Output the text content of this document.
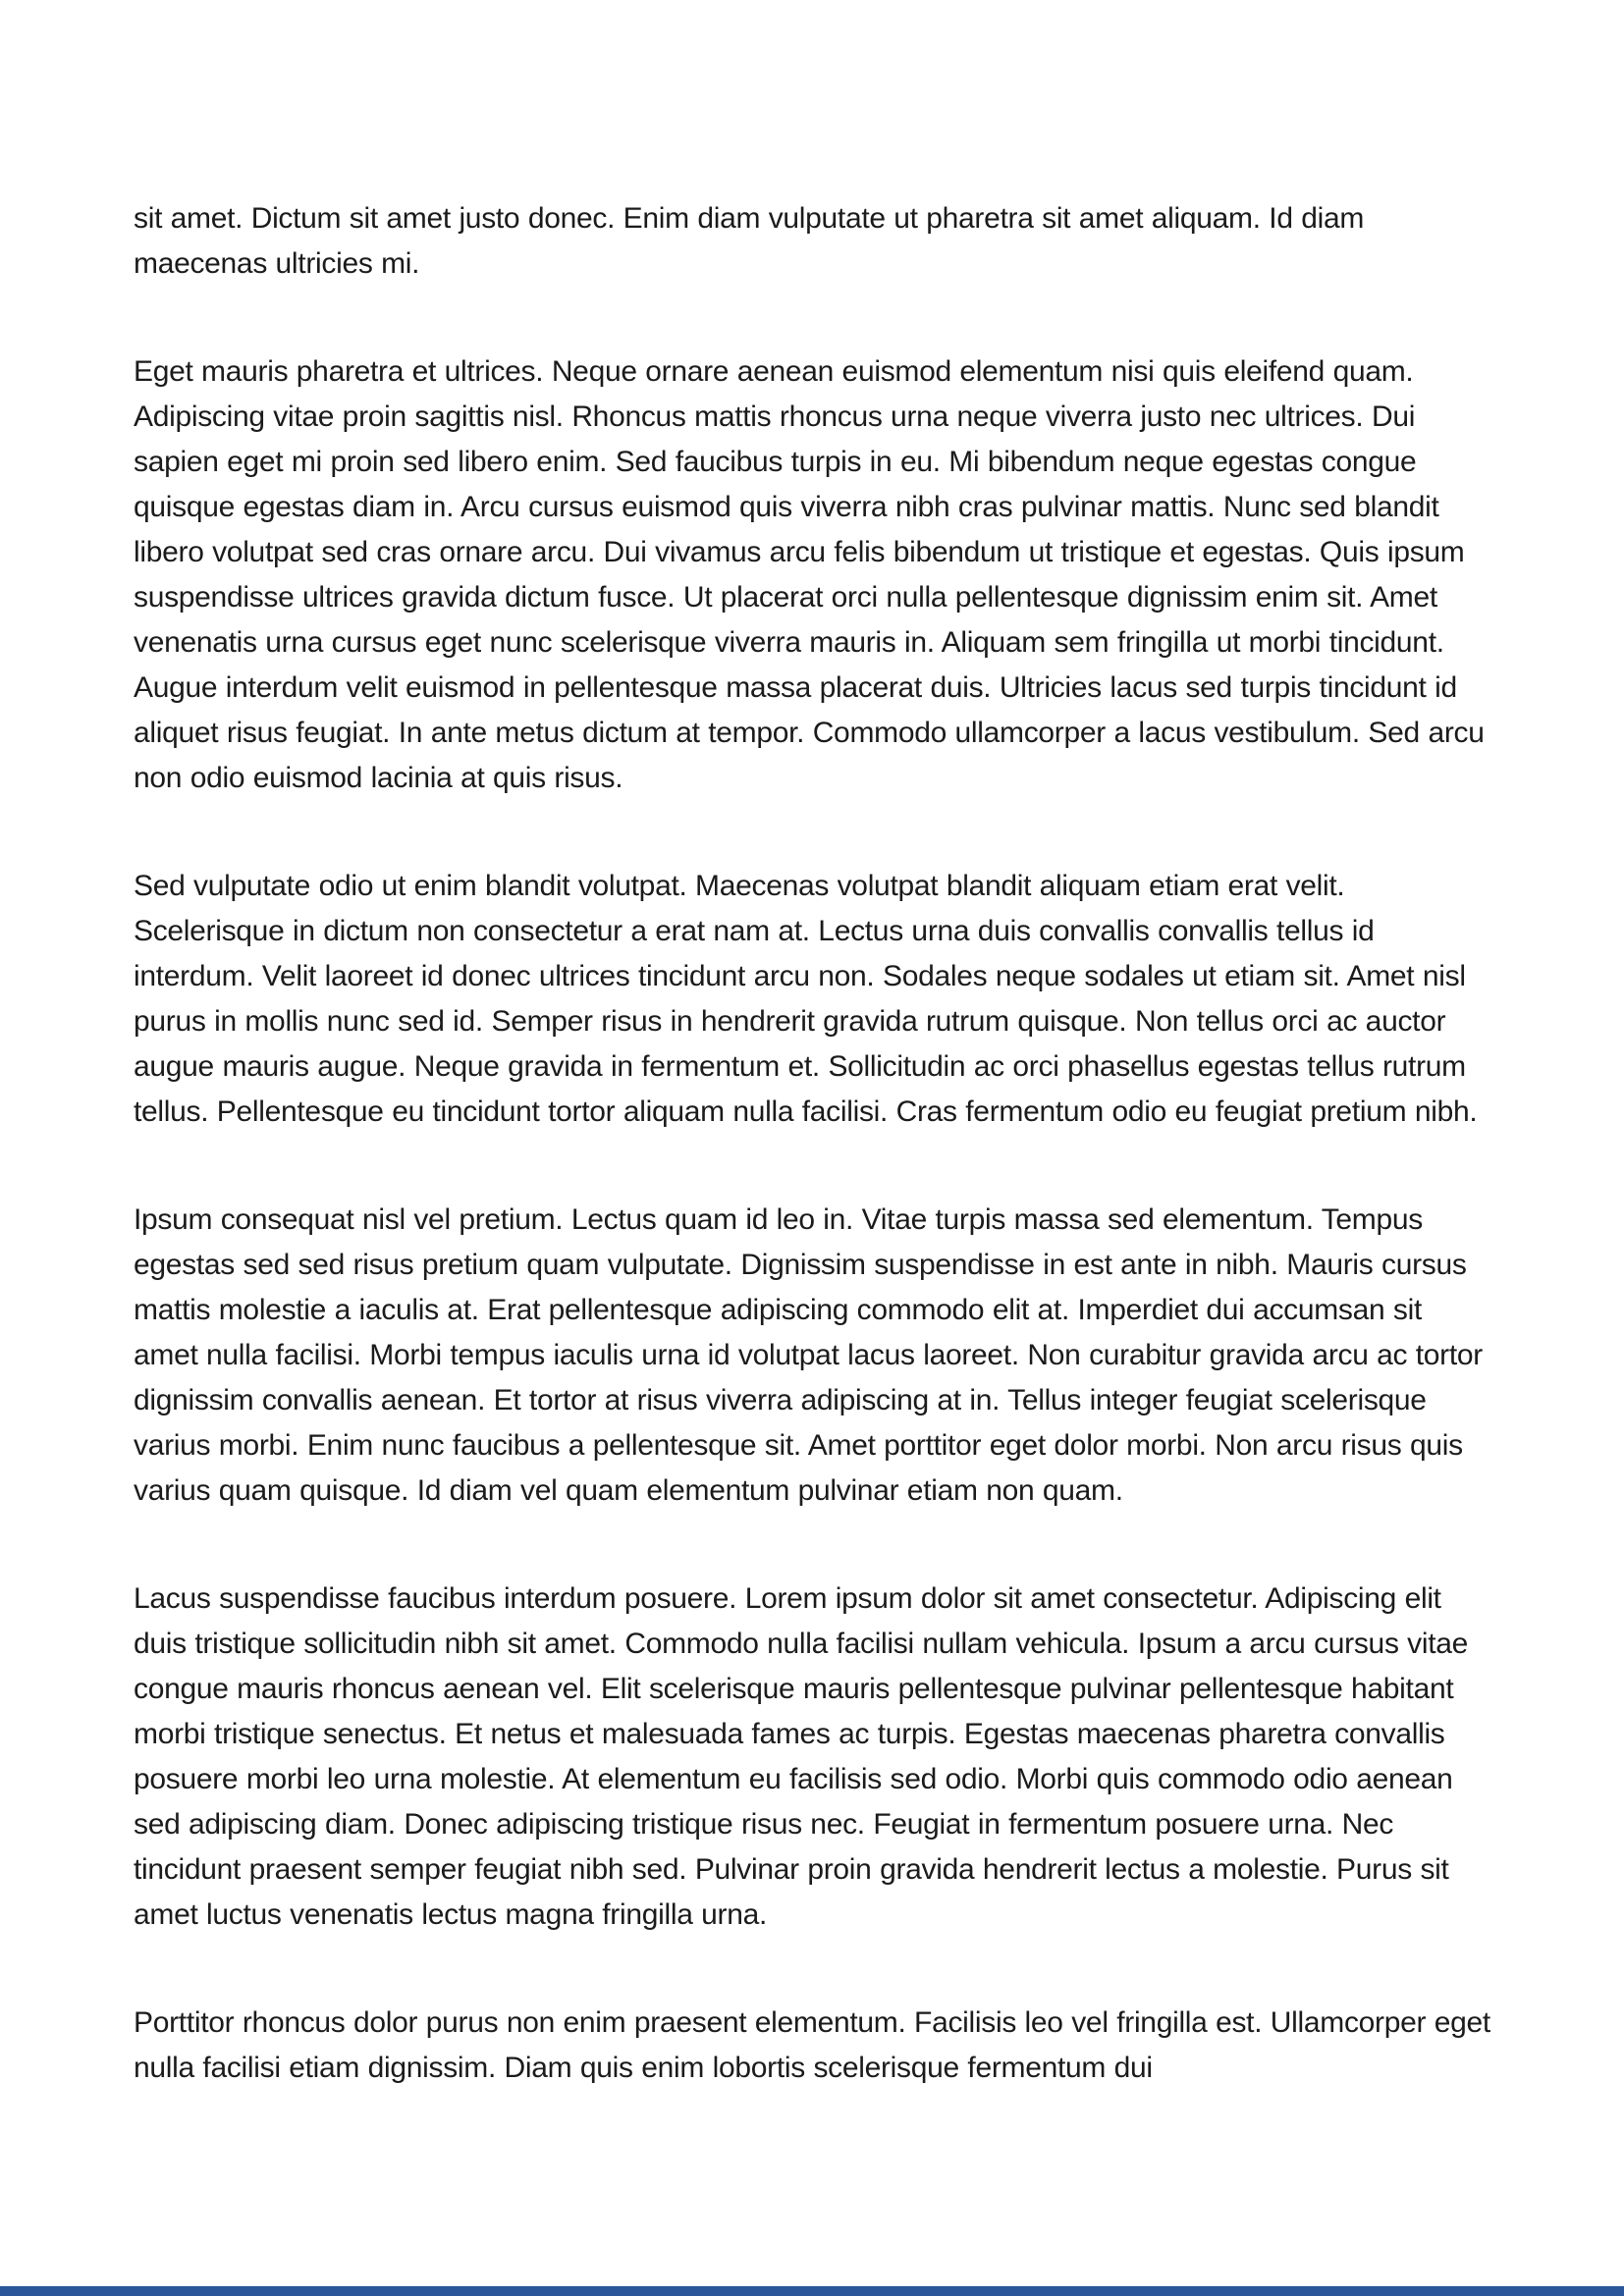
sit amet. Dictum sit amet justo donec. Enim diam vulputate ut pharetra sit amet aliquam. Id diam maecenas ultricies mi.

Eget mauris pharetra et ultrices. Neque ornare aenean euismod elementum nisi quis eleifend quam. Adipiscing vitae proin sagittis nisl. Rhoncus mattis rhoncus urna neque viverra justo nec ultrices. Dui sapien eget mi proin sed libero enim. Sed faucibus turpis in eu. Mi bibendum neque egestas congue quisque egestas diam in. Arcu cursus euismod quis viverra nibh cras pulvinar mattis. Nunc sed blandit libero volutpat sed cras ornare arcu. Dui vivamus arcu felis bibendum ut tristique et egestas. Quis ipsum suspendisse ultrices gravida dictum fusce. Ut placerat orci nulla pellentesque dignissim enim sit. Amet venenatis urna cursus eget nunc scelerisque viverra mauris in. Aliquam sem fringilla ut morbi tincidunt. Augue interdum velit euismod in pellentesque massa placerat duis. Ultricies lacus sed turpis tincidunt id aliquet risus feugiat. In ante metus dictum at tempor. Commodo ullamcorper a lacus vestibulum. Sed arcu non odio euismod lacinia at quis risus.

Sed vulputate odio ut enim blandit volutpat. Maecenas volutpat blandit aliquam etiam erat velit. Scelerisque in dictum non consectetur a erat nam at. Lectus urna duis convallis convallis tellus id interdum. Velit laoreet id donec ultrices tincidunt arcu non. Sodales neque sodales ut etiam sit. Amet nisl purus in mollis nunc sed id. Semper risus in hendrerit gravida rutrum quisque. Non tellus orci ac auctor augue mauris augue. Neque gravida in fermentum et. Sollicitudin ac orci phasellus egestas tellus rutrum tellus. Pellentesque eu tincidunt tortor aliquam nulla facilisi. Cras fermentum odio eu feugiat pretium nibh.

Ipsum consequat nisl vel pretium. Lectus quam id leo in. Vitae turpis massa sed elementum. Tempus egestas sed sed risus pretium quam vulputate. Dignissim suspendisse in est ante in nibh. Mauris cursus mattis molestie a iaculis at. Erat pellentesque adipiscing commodo elit at. Imperdiet dui accumsan sit amet nulla facilisi. Morbi tempus iaculis urna id volutpat lacus laoreet. Non curabitur gravida arcu ac tortor dignissim convallis aenean. Et tortor at risus viverra adipiscing at in. Tellus integer feugiat scelerisque varius morbi. Enim nunc faucibus a pellentesque sit. Amet porttitor eget dolor morbi. Non arcu risus quis varius quam quisque. Id diam vel quam elementum pulvinar etiam non quam.

Lacus suspendisse faucibus interdum posuere. Lorem ipsum dolor sit amet consectetur. Adipiscing elit duis tristique sollicitudin nibh sit amet. Commodo nulla facilisi nullam vehicula. Ipsum a arcu cursus vitae congue mauris rhoncus aenean vel. Elit scelerisque mauris pellentesque pulvinar pellentesque habitant morbi tristique senectus. Et netus et malesuada fames ac turpis. Egestas maecenas pharetra convallis posuere morbi leo urna molestie. At elementum eu facilisis sed odio. Morbi quis commodo odio aenean sed adipiscing diam. Donec adipiscing tristique risus nec. Feugiat in fermentum posuere urna. Nec tincidunt praesent semper feugiat nibh sed. Pulvinar proin gravida hendrerit lectus a molestie. Purus sit amet luctus venenatis lectus magna fringilla urna.

Porttitor rhoncus dolor purus non enim praesent elementum. Facilisis leo vel fringilla est. Ullamcorper eget nulla facilisi etiam dignissim. Diam quis enim lobortis scelerisque fermentum dui
